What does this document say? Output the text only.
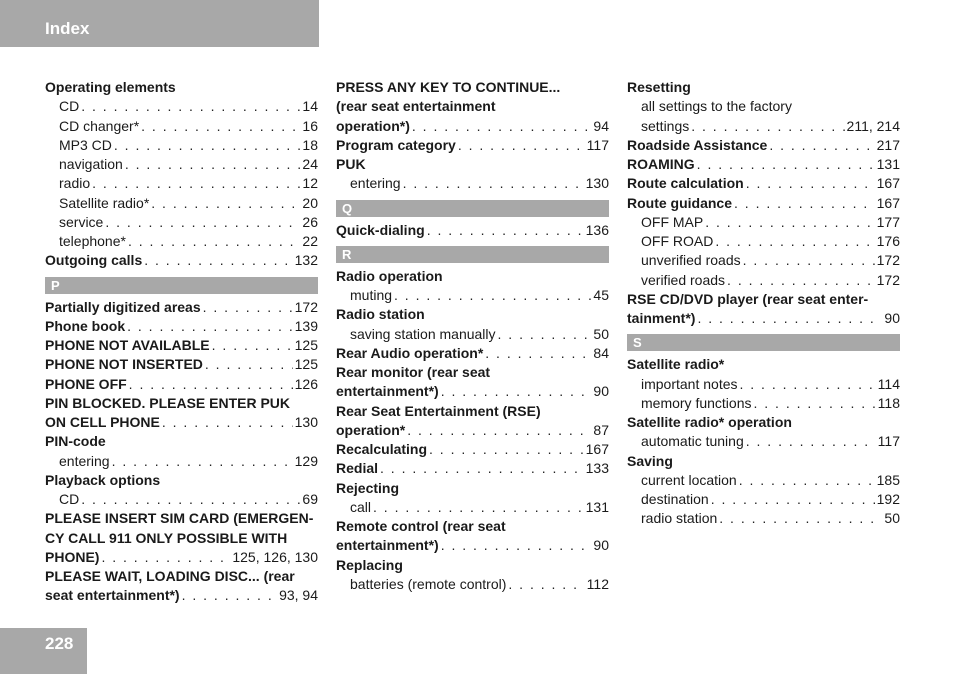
Index
Operating elements
CD . . .	14
CD changer* . . .	16
MP3 CD . . .	18
navigation . . .	24
radio . . .	12
Satellite radio* . . .	20
service . . .	26
telephone* . . .	22
Outgoing calls . . .	132
P
Partially digitized areas . . .	172
Phone book . . .	139
PHONE NOT AVAILABLE . . .	125
PHONE NOT INSERTED . . .	125
PHONE OFF . . .	126
PIN BLOCKED. PLEASE ENTER PUK
ON CELL PHONE . . .	130
PIN-code
entering . . .	129
Playback options
CD . . .	69
PLEASE INSERT SIM CARD (EMERGEN-
CY CALL 911 ONLY POSSIBLE WITH
PHONE) . . .	125, 126, 130
PLEASE WAIT, LOADING DISC... (rear
seat entertainment*) . . .	93, 94
PRESS ANY KEY TO CONTINUE...
(rear seat entertainment
operation*) . . .	94
Program category . . .	117
PUK
entering . . .	130
Q
Quick-dialing . . .	136
R
Radio operation
muting . . .	45
Radio station
saving station manually . . .	50
Rear Audio operation* . . .	84
Rear monitor (rear seat
entertainment*) . . .	90
Rear Seat Entertainment (RSE)
operation* . . .	87
Recalculating . . .	167
Redial . . .	133
Rejecting
call . . .	131
Remote control (rear seat
entertainment*) . . .	90
Replacing
batteries (remote control) . . .	112
Resetting
all settings to the factory
settings . . .	211, 214
Roadside Assistance . . .	217
ROAMING . . .	131
Route calculation . . .	167
Route guidance . . .	167
OFF MAP . . .	177
OFF ROAD . . .	176
unverified roads . . .	172
verified roads . . .	172
RSE CD/DVD player (rear seat enter-
tainment*) . . .	90
S
Satellite radio*
important notes . . .	114
memory functions . . .	118
Satellite radio* operation
automatic tuning . . .	117
Saving
current location . . .	185
destination . . .	192
radio station . . .	50
228
